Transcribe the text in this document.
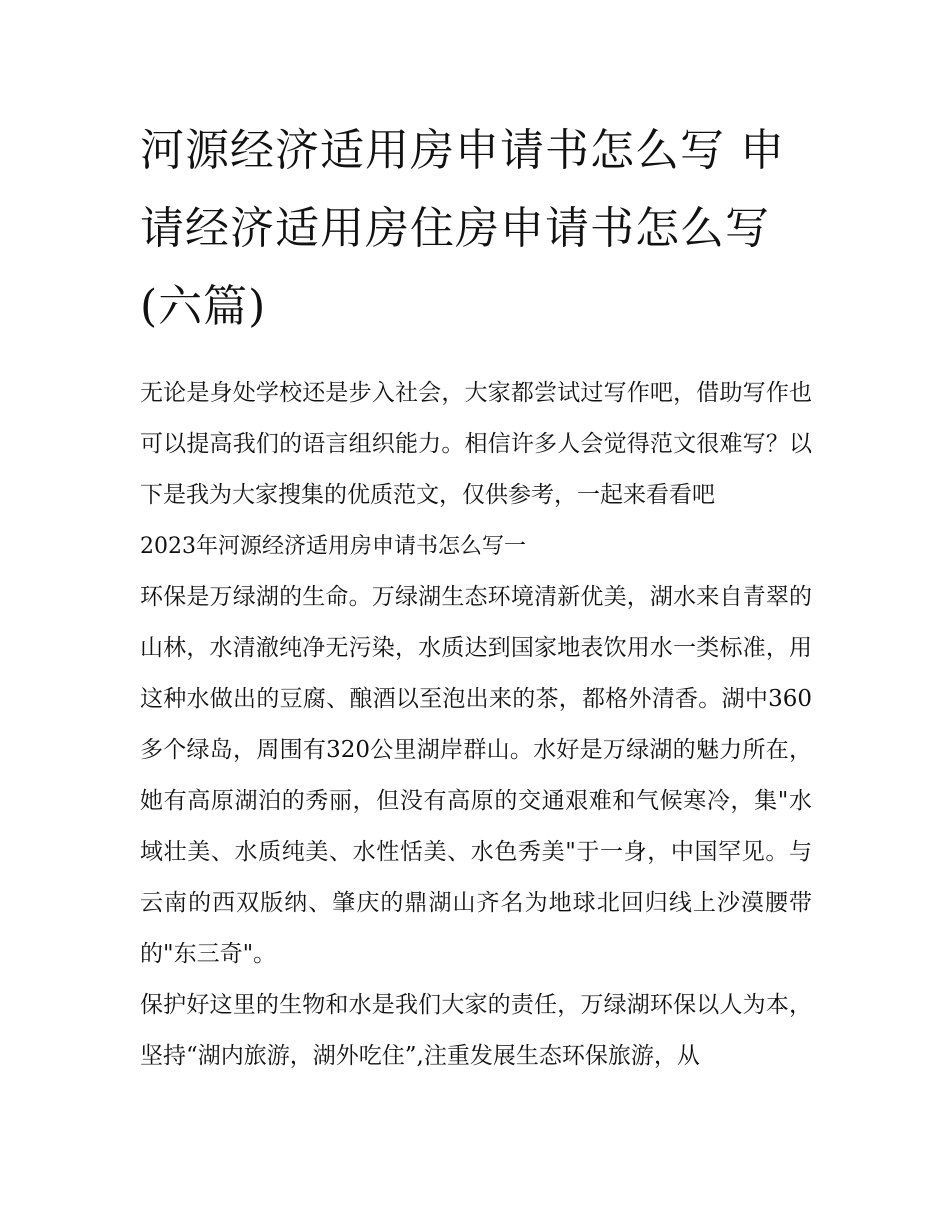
河源经济适用房申请书怎么写 申请经济适用房住房申请书怎么写(六篇)

无论是身处学校还是步入社会，大家都尝试过写作吧，借助写作也可以提高我们的语言组织能力。相信许多人会觉得范文很难写？以下是我为大家搜集的优质范文，仅供参考，一起来看看吧

2023年河源经济适用房申请书怎么写一

环保是万绿湖的生命。万绿湖生态环境清新优美，湖水来自青翠的山林，水清澈纯净无污染，水质达到国家地表饮用水一类标准，用这种水做出的豆腐、酿酒以至泡出来的茶，都格外清香。湖中360多个绿岛，周围有320公里湖岸群山。水好是万绿湖的魅力所在，她有高原湖泊的秀丽，但没有高原的交通艰难和气候寒冷，集"水域壮美、水质纯美、水性恬美、水色秀美"于一身，中国罕见。与云南的西双版纳、肇庆的鼎湖山齐名为地球北回归线上沙漠腰带的"东三奇"。

保护好这里的生物和水是我们大家的责任，万绿湖环保以人为本，坚持“湖内旅游，湖外吃住”,注重发展生态环保旅游，从
